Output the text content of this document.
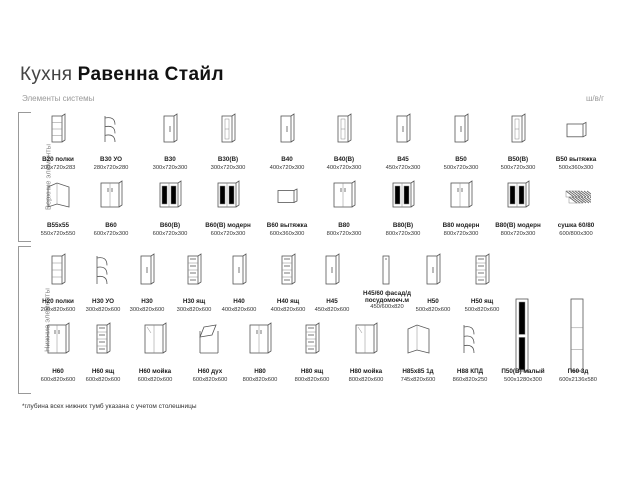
Кухня Равенна Стайл
Элементы системы	ш/в/г
Верхние элементы
Нижние элементы
В20 полки
200х720х283
В30 УО
280х720х280
В30
300х720х300
В30(В)
300х720х300
В40
400х720х300
В40(В)
400х720х300
В45
450х720х300
В50
500х720х300
В50(В)
500х720х300
В50 вытяжка
500х360х300
В55х55
550х720х550
В60
600х720х300
В60(В)
600х720х300
В60(В) модерн
600х720х300
В60 вытяжка
600х360х300
В80
800х720х300
В80(В)
800х720х300
В80 модерн
800х720х300
В80(В) модерн
800х720х300
сушка 60/80
600/800х300
Н20 полки
200х820х600
Н30 УО
300х820х600
Н30
300х820х600
Н30 ящ
300х820х600
Н40
400х820х600
Н40 ящ
400х820х600
Н45
450х820х600
Н45/60 фасад/д
посудомоеч.м
450/600х820
Н50
500х820х600
Н50 ящ
500х820х600
Н60
600х820х600
Н60 ящ
600х820х600
Н60 мойка
600х820х600
Н60 дух
600х820х600
Н80
800х820х600
Н80 ящ
800х820х600
Н80 мойка
800х820х600
Н85х85 1д
745х820х600
Н88 КПД
860х820х250
П50(В) малый
500х1280х300
П60 3д
600х2136х580
*глубина всех нижних тумб указана с учетом столешницы
